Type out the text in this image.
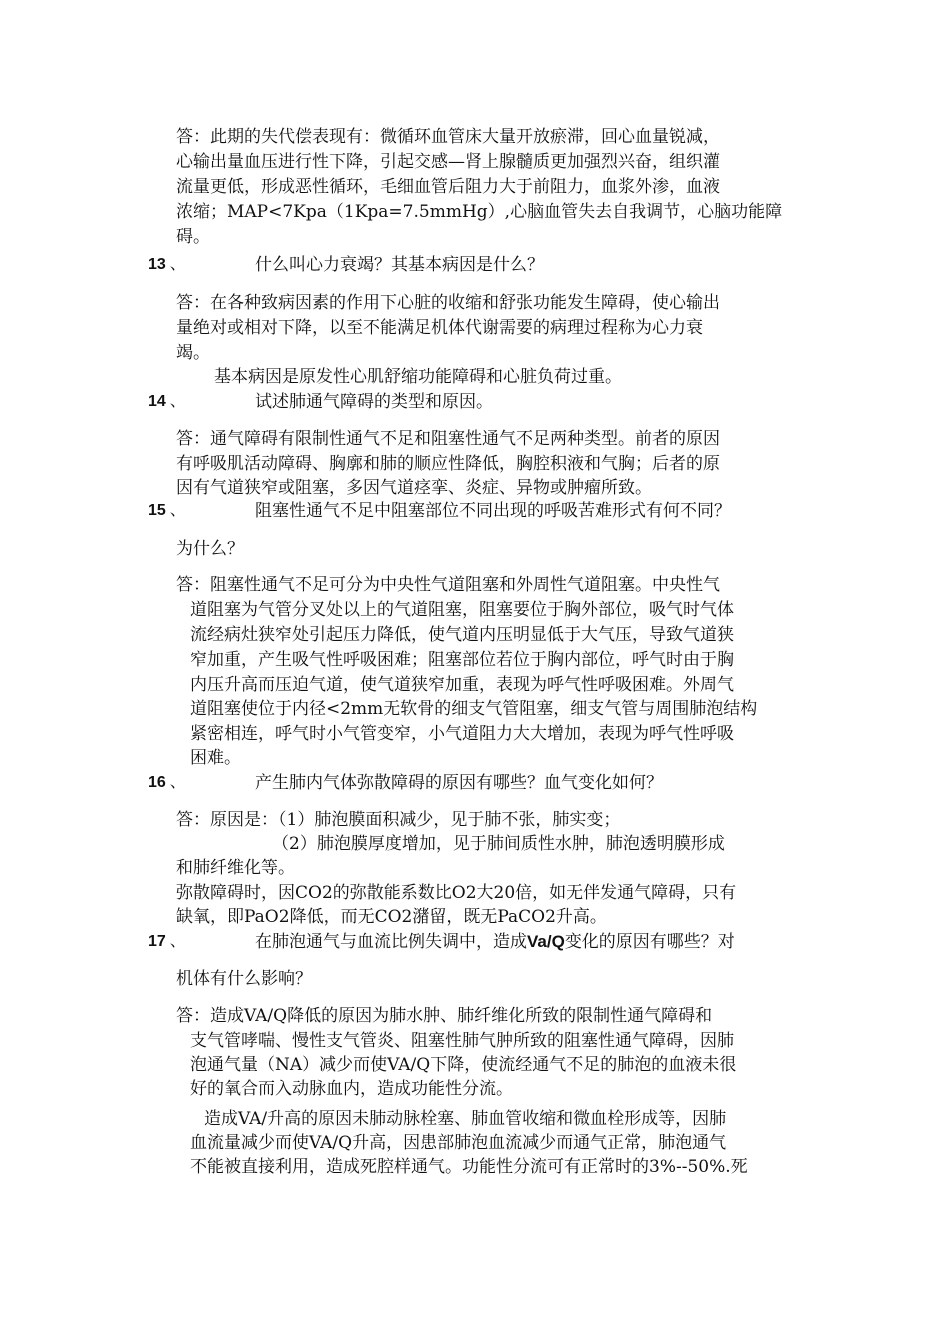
答：此期的失代偿表现有：微循环血管床大量开放瘀滞，回心血量锐减，
心输出量血压进行性下降，引起交感—肾上腺髓质更加强烈兴奋，组织灌
流量更低，形成恶性循环，毛细血管后阻力大于前阻力，血浆外渗，血液
浓缩；MAP<7Kpa（1Kpa=7.5mmHg）,心脑血管失去自我调节，心脑功能障
碍。
13 、	什么叫心力衰竭？其基本病因是什么？
答：在各种致病因素的作用下心脏的收缩和舒张功能发生障碍，使心输出
量绝对或相对下降，以至不能满足机体代谢需要的病理过程称为心力衰
竭。
基本病因是原发性心肌舒缩功能障碍和心脏负荷过重。
14 、	试述肺通气障碍的类型和原因。
答：通气障碍有限制性通气不足和阻塞性通气不足两种类型。前者的原因
有呼吸肌活动障碍、胸廓和肺的顺应性降低，胸腔积液和气胸；后者的原
因有气道狭窄或阻塞，多因气道痉挛、炎症、异物或肿瘤所致。
15 、	阻塞性通气不足中阻塞部位不同出现的呼吸苦难形式有何不同？
为什么？
答：阻塞性通气不足可分为中央性气道阻塞和外周性气道阻塞。中央性气
道阻塞为气管分叉处以上的气道阻塞，阻塞要位于胸外部位，吸气时气体
流经病灶狭窄处引起压力降低，使气道内压明显低于大气压，导致气道狭
窄加重，产生吸气性呼吸困难；阻塞部位若位于胸内部位，呼气时由于胸
内压升高而压迫气道，使气道狭窄加重，表现为呼气性呼吸困难。外周气
道阻塞使位于内径<2mm无软骨的细支气管阻塞，细支气管与周围肺泡结构
紧密相连，呼气时小气管变窄，小气道阻力大大增加，表现为呼气性呼吸
困难。
16 、	产生肺内气体弥散障碍的原因有哪些？血气变化如何？
答：原因是：（1）肺泡膜面积减少，见于肺不张，肺实变；
（2）肺泡膜厚度增加，见于肺间质性水肿，肺泡透明膜形成
和肺纤维化等。
弥散障碍时，因CO2的弥散能系数比O2大20倍，如无伴发通气障碍，只有
缺氧，即PaO2降低，而无CO2潴留，既无PaCO2升高。
17 、	在肺泡通气与血流比例失调中，造成Va/Q变化的原因有哪些？对
机体有什么影响？
答：造成VA/Q降低的原因为肺水肿、肺纤维化所致的限制性通气障碍和
支气管哮喘、慢性支气管炎、阻塞性肺气肿所致的阻塞性通气障碍，因肺
泡通气量（NA）减少而使VA/Q下降，使流经通气不足的肺泡的血液未很
好的氧合而入动脉血内，造成功能性分流。
造成VA/升高的原因未肺动脉栓塞、肺血管收缩和微血栓形成等，因肺
血流量减少而使VA/Q升高，因患部肺泡血流减少而通气正常，肺泡通气
不能被直接利用，造成死腔样通气。功能性分流可有正常时的3%--50%.死
